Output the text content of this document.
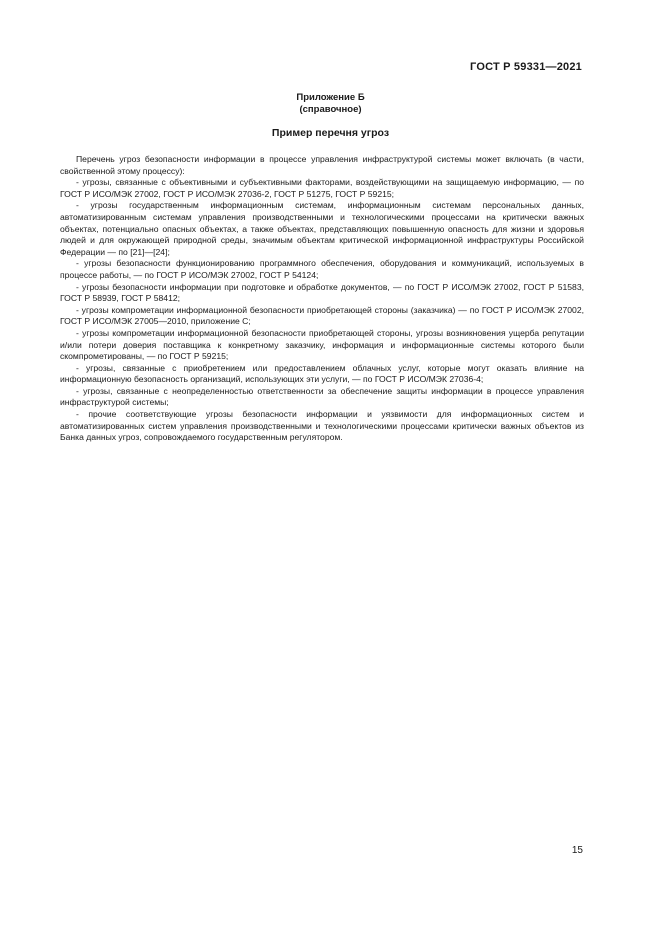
ГОСТ Р 59331—2021
Приложение Б
(справочное)
Пример перечня угроз

Перечень угроз безопасности информации в процессе управления инфраструктурой системы может включать (в части, свойственной этому процессу):

- угрозы, связанные с объективными и субъективными факторами, воздействующими на защищаемую информацию, — по ГОСТ Р ИСО/МЭК 27002, ГОСТ Р ИСО/МЭК 27036-2, ГОСТ Р 51275, ГОСТ Р 59215;

- угрозы государственным информационным системам, информационным системам персональных данных, автоматизированным системам управления производственными и технологическими процессами на критически важных объектах, потенциально опасных объектах, а также объектах, представляющих повышенную опасность для жизни и здоровья людей и для окружающей природной среды, значимым объектам критической информационной инфраструктуры Российской Федерации — по [21]—[24];

- угрозы безопасности функционированию программного обеспечения, оборудования и коммуникаций, используемых в процессе работы, — по ГОСТ Р ИСО/МЭК 27002, ГОСТ Р 54124;

- угрозы безопасности информации при подготовке и обработке документов, — по ГОСТ Р ИСО/МЭК 27002, ГОСТ Р 51583, ГОСТ Р 58939, ГОСТ Р 58412;

- угрозы компрометации информационной безопасности приобретающей стороны (заказчика) — по ГОСТ Р ИСО/МЭК 27002, ГОСТ Р ИСО/МЭК 27005—2010, приложение С;

- угрозы компрометации информационной безопасности приобретающей стороны, угрозы возникновения ущерба репутации и/или потери доверия поставщика к конкретному заказчику, информация и информационные системы которого были скомпрометированы, — по ГОСТ Р 59215;

- угрозы, связанные с приобретением или предоставлением облачных услуг, которые могут оказать влияние на информационную безопасность организаций, использующих эти услуги, — по ГОСТ Р ИСО/МЭК 27036-4;

- угрозы, связанные с неопределенностью ответственности за обеспечение защиты информации в процессе управления инфраструктурой системы;

- прочие соответствующие угрозы безопасности информации и уязвимости для информационных систем и автоматизированных систем управления производственными и технологическими процессами критически важных объектов из Банка данных угроз, сопровождаемого государственным регулятором.

15
